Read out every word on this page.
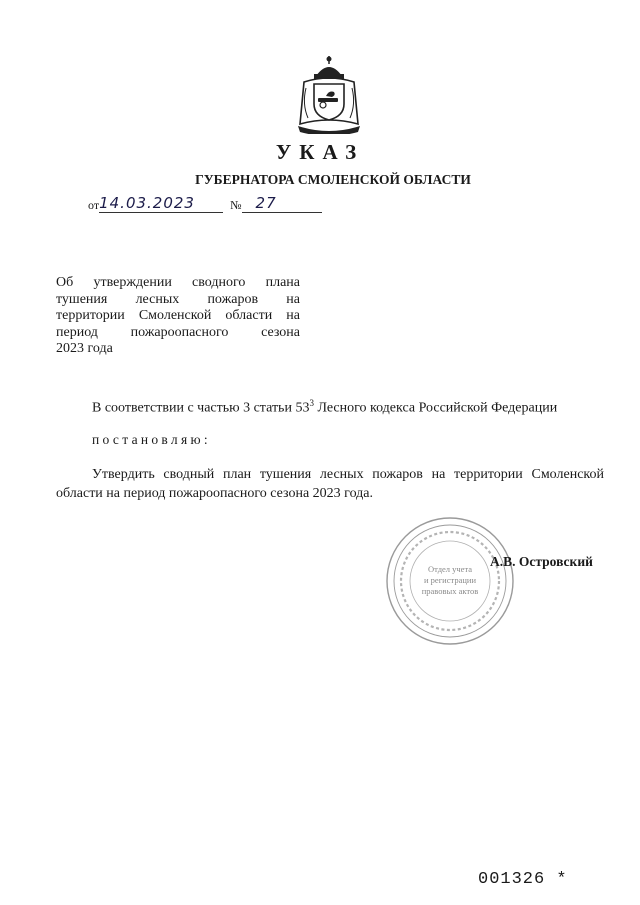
УКАЗ
ГУБЕРНАТОРА СМОЛЕНСКОЙ ОБЛАСТИ
от14.03.2023	№ 27
Об утверждении сводного плана
тушения лесных пожаров на
территории Смоленской области на
период пожароопасного сезона
2023 года
В соответствии с частью 3 статьи $53^3$ Лесного кодекса Российской Федерации
постановляю:
Утвердить сводный план тушения лесных пожаров на территории Смоленской области на период пожароопасного сезона 2023 года.
Отдел учета
и регистрации
правовых актов
А.В. Островский
001326 *
